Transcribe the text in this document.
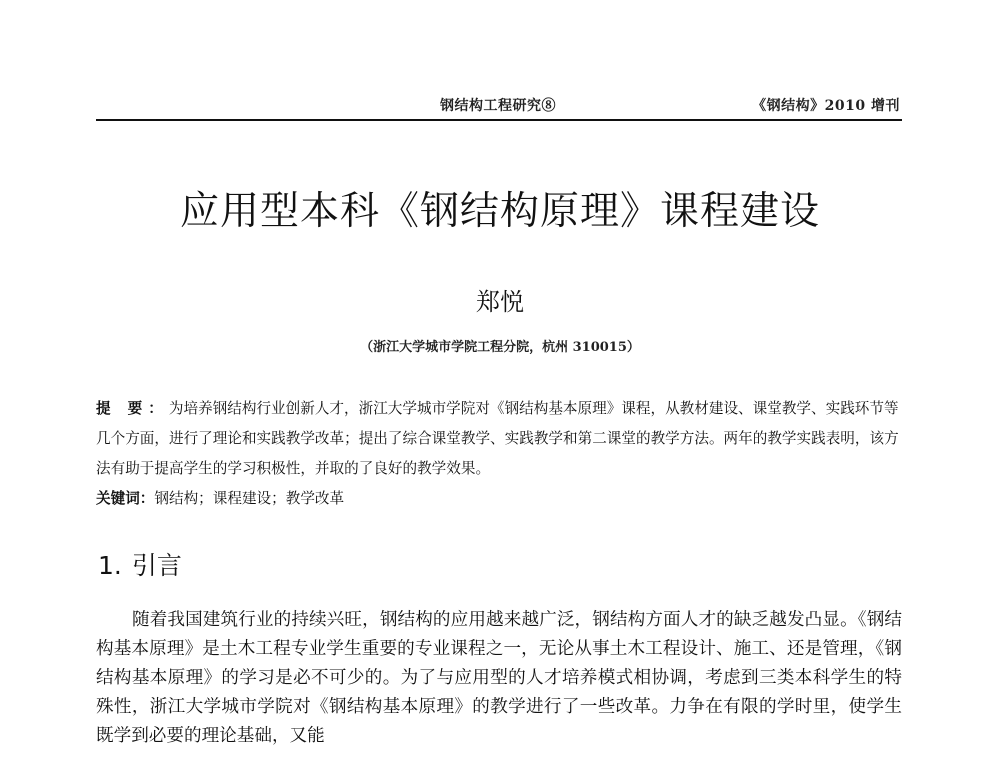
钢结构工程研究⑧	《钢结构》2010 增刊
应用型本科《钢结构原理》课程建设
郑悦
（浙江大学城市学院工程分院，杭州 310015）
提 要：为培养钢结构行业创新人才，浙江大学城市学院对《钢结构基本原理》课程，从教材建设、课堂教学、实践环节等几个方面，进行了理论和实践教学改革；提出了综合课堂教学、实践教学和第二课堂的教学方法。两年的教学实践表明，该方法有助于提高学生的学习积极性，并取的了良好的教学效果。
关键词：钢结构；课程建设；教学改革
1. 引言

随着我国建筑行业的持续兴旺，钢结构的应用越来越广泛，钢结构方面人才的缺乏越发凸显。《钢结构基本原理》是土木工程专业学生重要的专业课程之一，无论从事土木工程设计、施工、还是管理，《钢结构基本原理》的学习是必不可少的。为了与应用型的人才培养模式相协调，考虑到三类本科学生的特殊性，浙江大学城市学院对《钢结构基本原理》的教学进行了一些改革。力争在有限的学时里，使学生既学到必要的理论基础，又能
